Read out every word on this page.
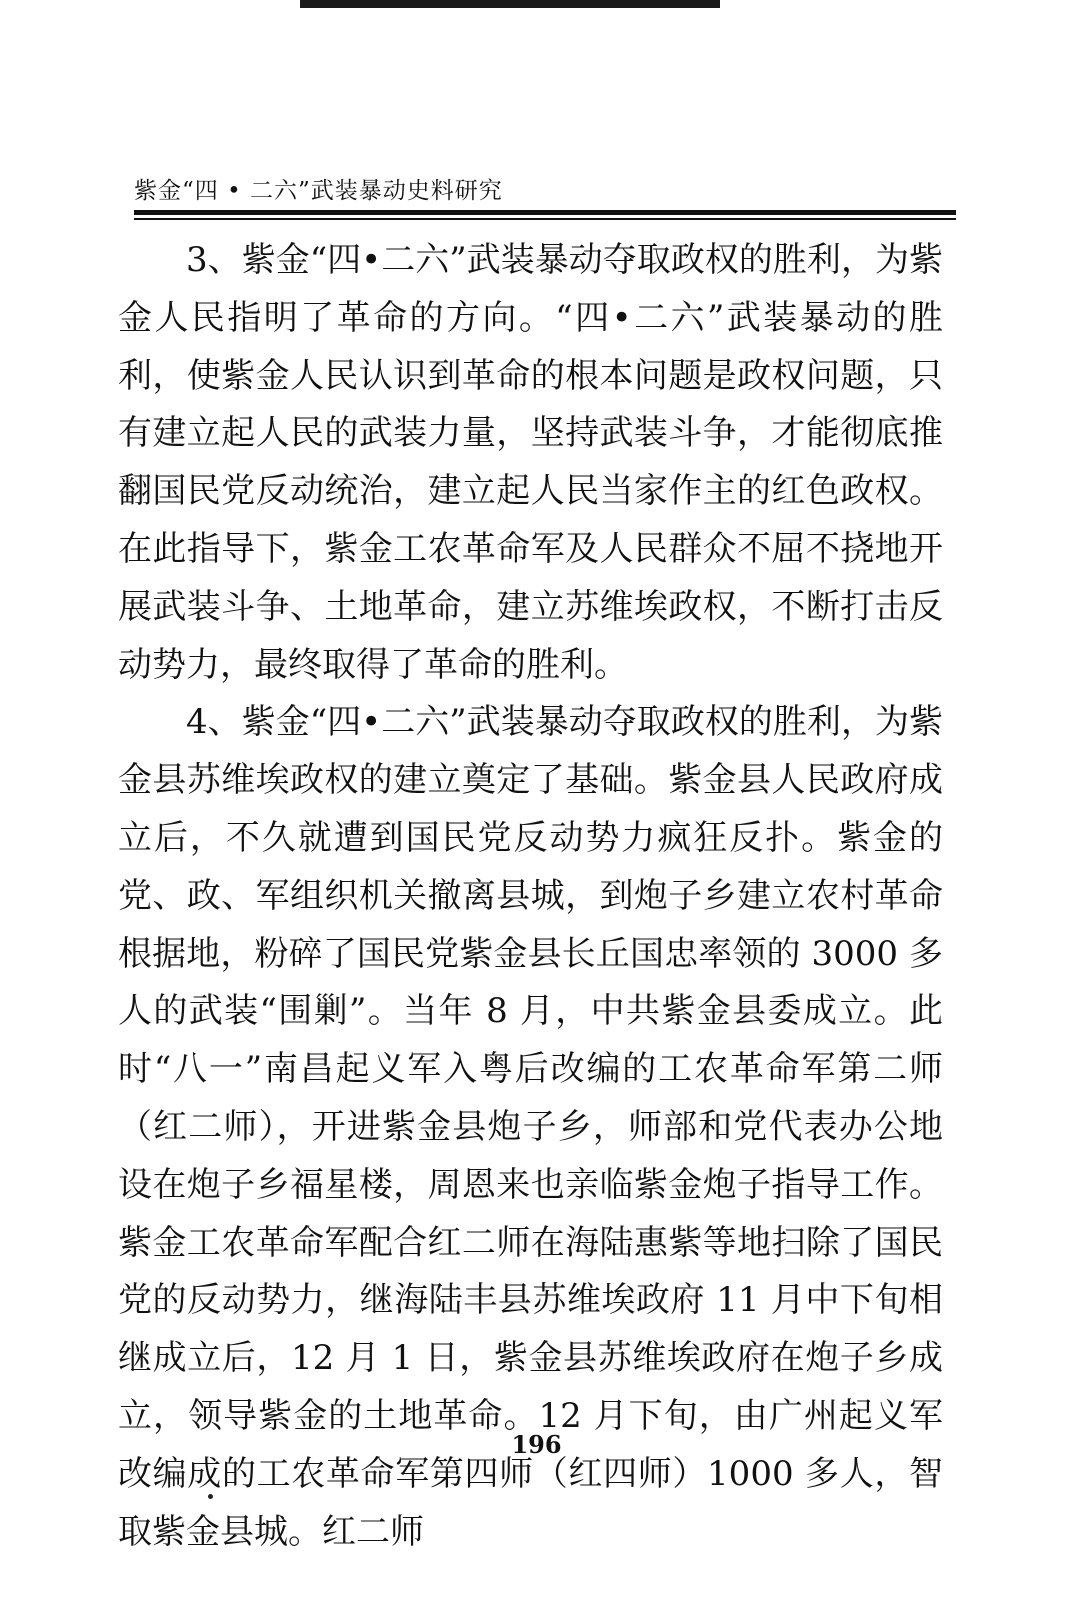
紫金“四 • 二六”武装暴动史料研究

3、紫金“四•二六”武装暴动夺取政权的胜利，为紫金人民指明了革命的方向。“四•二六”武装暴动的胜利，使紫金人民认识到革命的根本问题是政权问题，只有建立起人民的武装力量，坚持武装斗争，才能彻底推翻国民党反动统治，建立起人民当家作主的红色政权。在此指导下，紫金工农革命军及人民群众不屈不挠地开展武装斗争、土地革命，建立苏维埃政权，不断打击反动势力，最终取得了革命的胜利。

4、紫金“四•二六”武装暴动夺取政权的胜利，为紫金县苏维埃政权的建立奠定了基础。紫金县人民政府成立后，不久就遭到国民党反动势力疯狂反扑。紫金的党、政、军组织机关撤离县城，到炮子乡建立农村革命根据地，粉碎了国民党紫金县长丘国忠率领的 3000 多人的武装“围剿”。当年 8 月，中共紫金县委成立。此时“八一”南昌起义军入粤后改编的工农革命军第二师（红二师），开进紫金县炮子乡，师部和党代表办公地设在炮子乡福星楼，周恩来也亲临紫金炮子指导工作。紫金工农革命军配合红二师在海陆惠紫等地扫除了国民党的反动势力，继海陆丰县苏维埃政府 11 月中下旬相继成立后，12 月 1 日，紫金县苏维埃政府在炮子乡成立，领导紫金的土地革命。12 月下旬，由广州起义军改编成的工农革命军第四师（红四师）1000 多人，智取紫金县城。红二师

196
